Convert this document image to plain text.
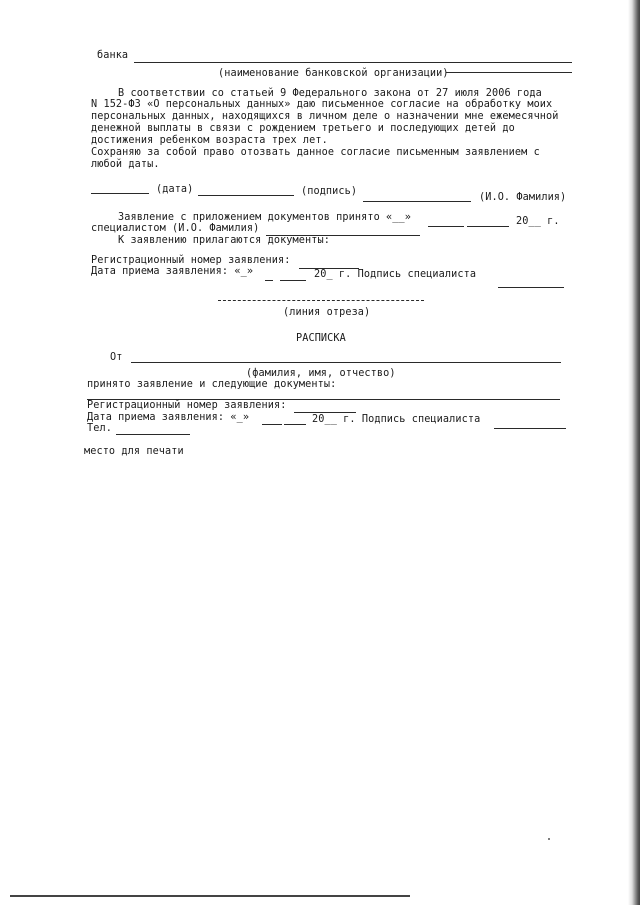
банка
(наименование банковской организации)
В соответствии со статьей 9 Федерального закона от 27 июля 2006 года
N 152-ФЗ «О персональных данных» даю письменное согласие на обработку моих
персональных данных, находящихся в личном деле о назначении мне ежемесячной
денежной выплаты в связи с рождением третьего и последующих детей до
достижения ребенком возраста трех лет.
Сохраняю за собой право отозвать данное согласие письменным заявлением с
любой даты.
(дата)	(подпись)
(И.О. Фамилия)
Заявление с приложением документов принято «__»	20__ г.
специалистом (И.О. Фамилия)
К заявлению прилагаются документы:
Регистрационный номер заявления:
Дата приема заявления: «_»	20_ г. Подпись специалиста
(линия отреза)
РАСПИСКА
От
(фамилия, имя, отчество)
принято заявление и следующие документы:
Регистрационный номер заявления:
Дата приема заявления: «_»	20__ г. Подпись специалиста
Тел.
место для печати
